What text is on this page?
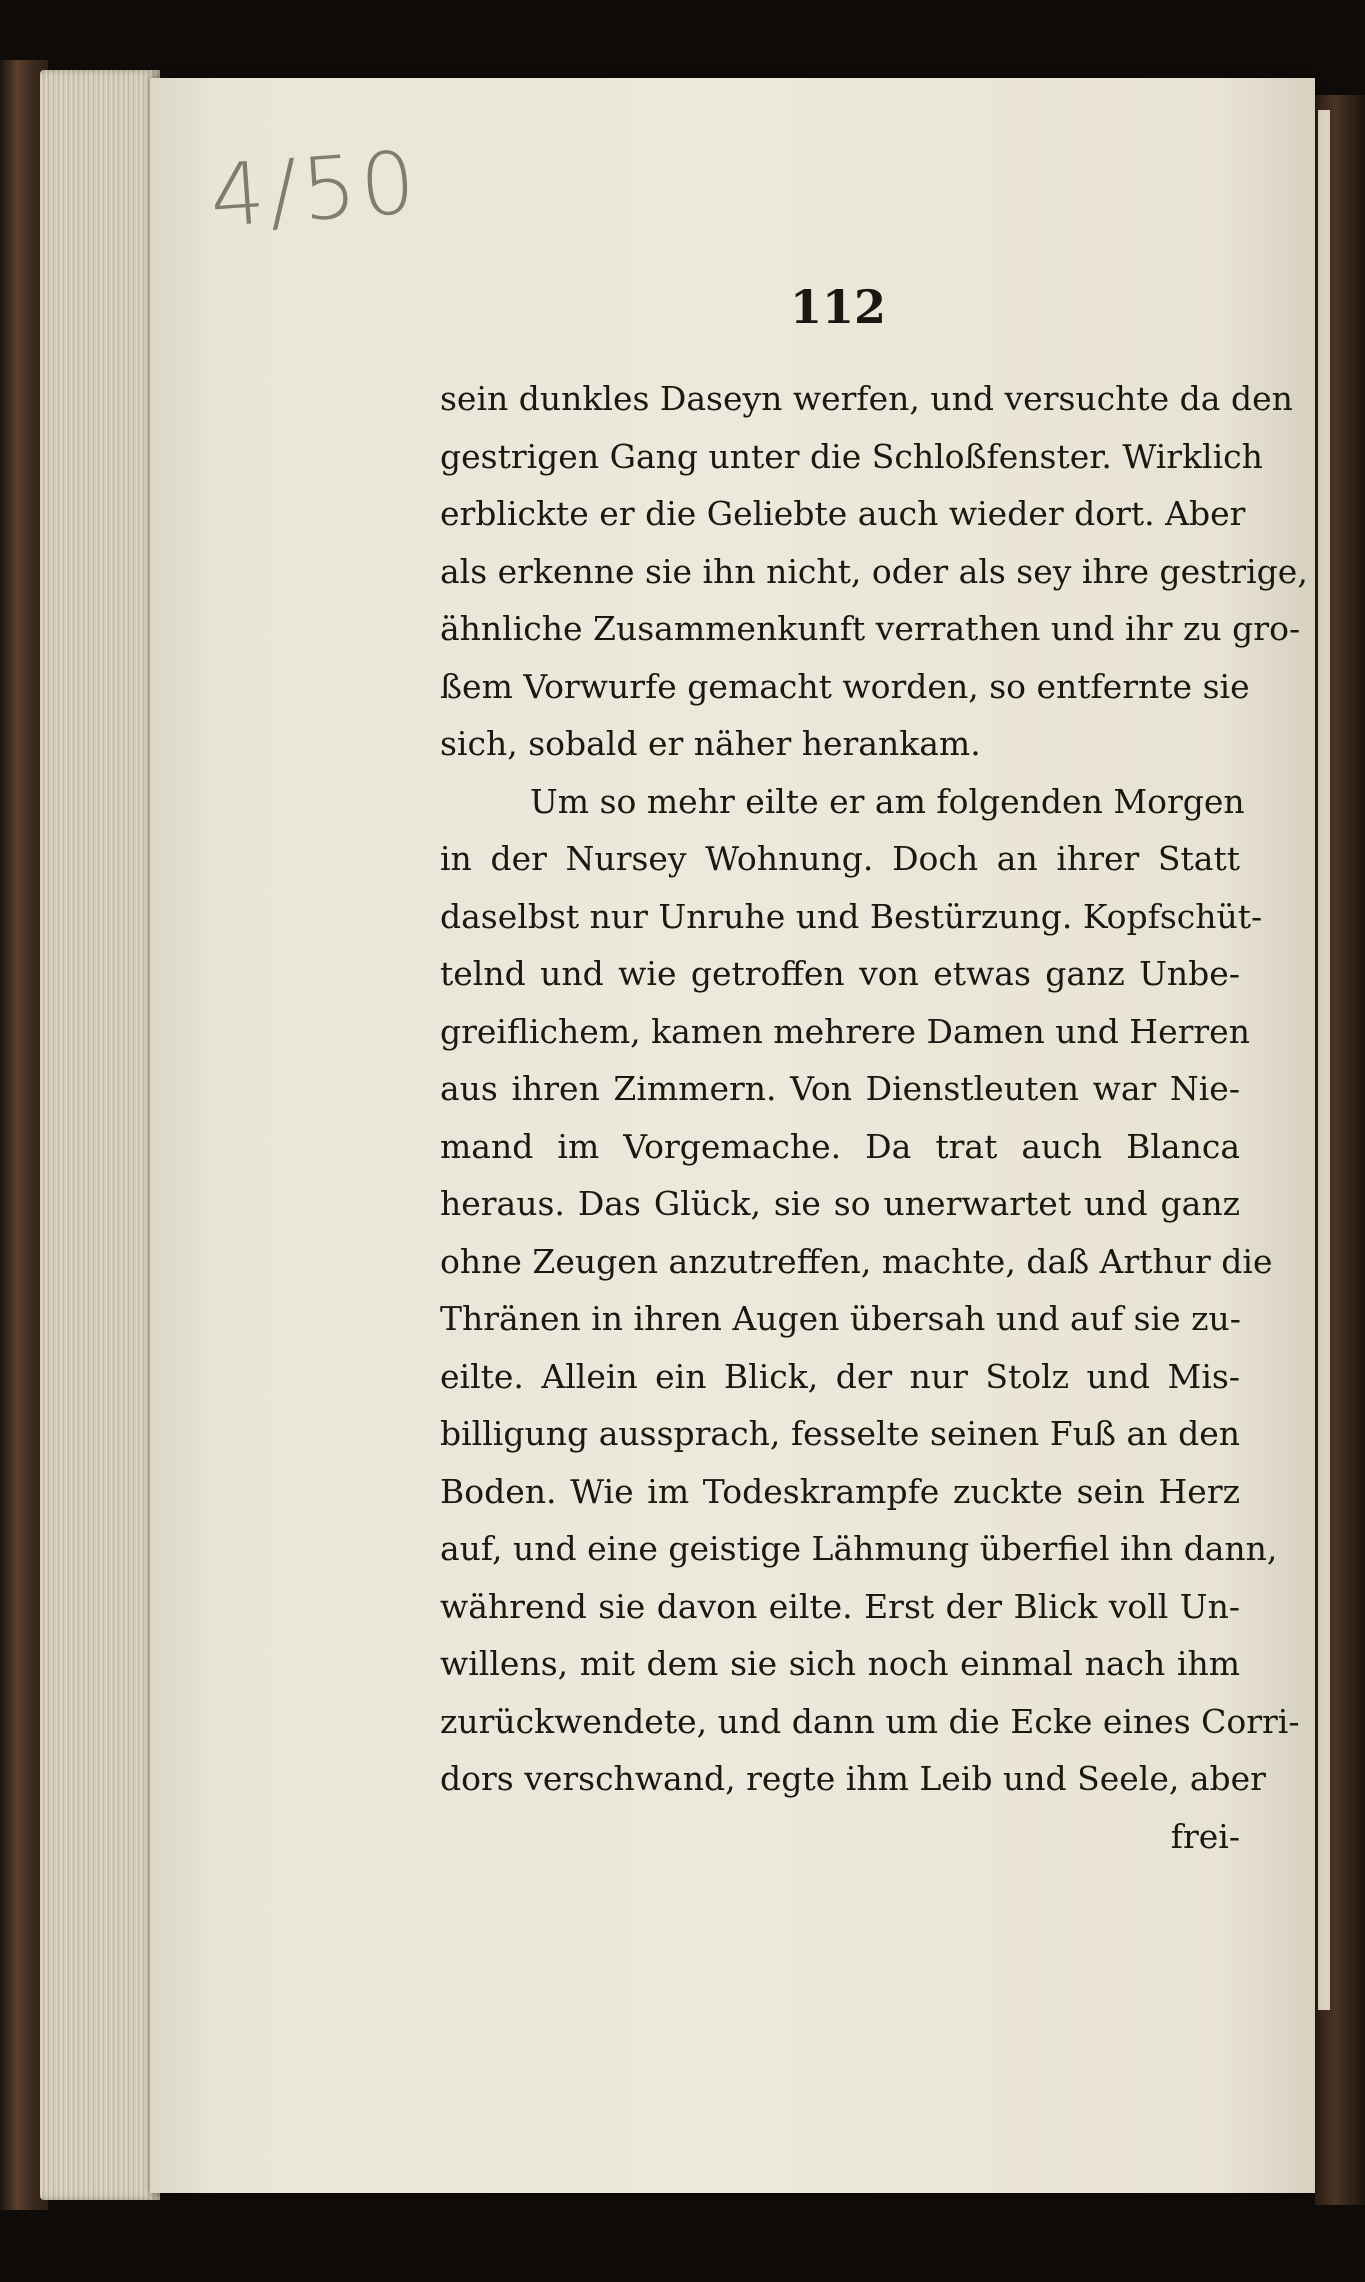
4/50
112
sein dunkles Daseyn werfen, und versuchte da den
gestrigen Gang unter die Schloßfenster. Wirklich
erblickte er die Geliebte auch wieder dort. Aber
als erkenne sie ihn nicht, oder als sey ihre gestrige,
ähnliche Zusammenkunft verrathen und ihr zu gro-
ßem Vorwurfe gemacht worden, so entfernte sie
sich, sobald er näher herankam.
Um so mehr eilte er am folgenden Morgen
in der Nursey Wohnung. Doch an ihrer Statt
daselbst nur Unruhe und Bestürzung. Kopfschüt-
telnd und wie getroffen von etwas ganz Unbe-
greiflichem, kamen mehrere Damen und Herren
aus ihren Zimmern. Von Dienstleuten war Nie-
mand im Vorgemache. Da trat auch Blanca
heraus. Das Glück, sie so unerwartet und ganz
ohne Zeugen anzutreffen, machte, daß Arthur die
Thränen in ihren Augen übersah und auf sie zu-
eilte. Allein ein Blick, der nur Stolz und Mis-
billigung aussprach, fesselte seinen Fuß an den
Boden. Wie im Todeskrampfe zuckte sein Herz
auf, und eine geistige Lähmung überfiel ihn dann,
während sie davon eilte. Erst der Blick voll Un-
willens, mit dem sie sich noch einmal nach ihm
zurückwendete, und dann um die Ecke eines Corri-
dors verschwand, regte ihm Leib und Seele, aber
frei-
